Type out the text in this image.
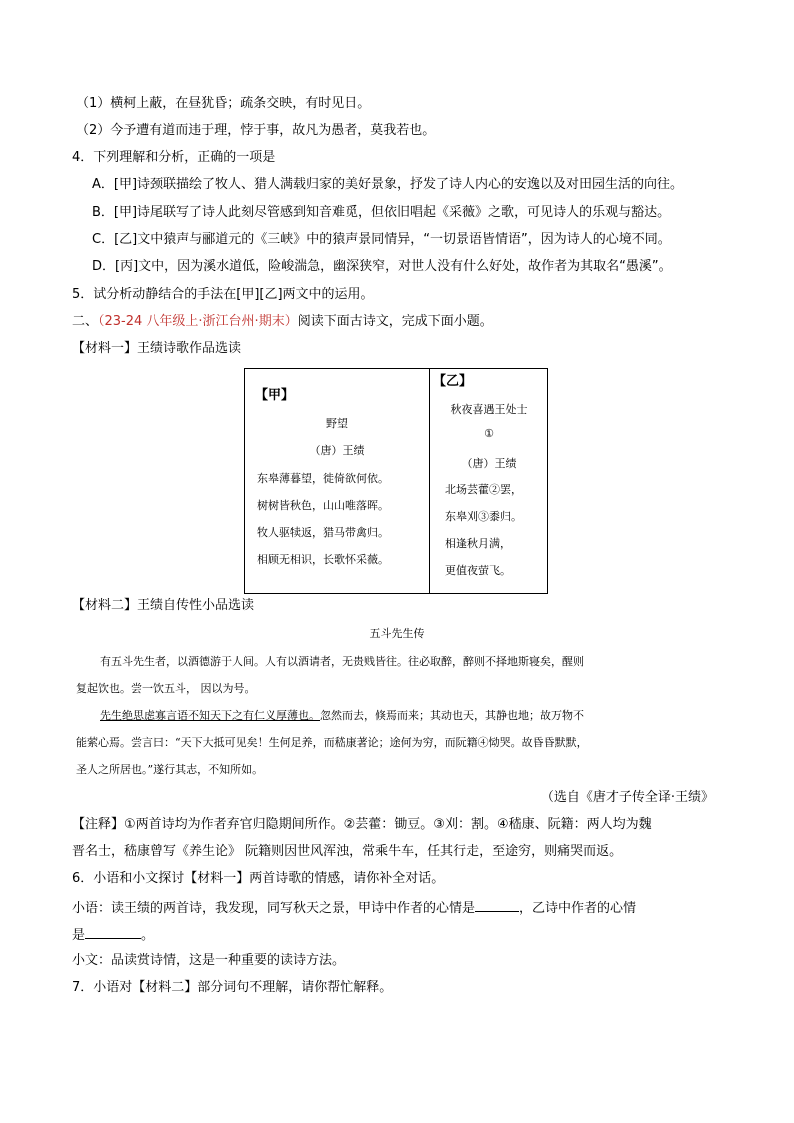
（1）横柯上蔽，在昼犹昏；疏条交映，有时见日。
（2）今予遭有道而违于理，悖于事，故凡为愚者，莫我若也。
4．下列理解和分析，正确的一项是
A．[甲]诗颈联描绘了牧人、猎人满载归家的美好景象，抒发了诗人内心的安逸以及对田园生活的向往。
B．[甲]诗尾联写了诗人此刻尽管感到知音难觅，但依旧唱起《采薇》之歌，可见诗人的乐观与豁达。
C．[乙]文中猿声与郦道元的《三峡》中的猿声景同情异，“一切景语皆情语”，因为诗人的心境不同。
D．[丙]文中，因为溪水道低，险峻湍急，幽深狭窄，对世人没有什么好处，故作者为其取名“愚溪”。
5．试分析动静结合的手法在[甲][乙]两文中的运用。
二、（23-24 八年级上·浙江台州·期末）阅读下面古诗文，完成下面小题。
【材料一】王绩诗歌作品选读
【甲】
野望
（唐）王绩
东皋薄暮望，徙倚欲何依。
树树皆秋色，山山唯落晖。
牧人驱犊返，猎马带禽归。
相顾无相识，长歌怀采薇。
【乙】
秋夜喜遇王处士
①
（唐）王绩
北场芸藿②罢，
东皋刈③黍归。
相逢秋月满，
更值夜萤飞。
【材料二】王绩自传性小品选读
五斗先生传
有五斗先生者，以酒德游于人间。人有以酒请者，无贵贱皆往。往必取醉，醉则不择地斯寝矣，醒则
复起饮也。尝一饮五斗， 因以为号。
先生绝思虑寡言语不知天下之有仁义厚薄也。忽然而去，倏焉而来；其动也天，其静也地；故万物不
能萦心焉。尝言曰：“天下大抵可见矣！生何足养，而嵇康著论；途何为穷，而阮籍④恸哭。故昏昏默默，
圣人之所居也。”遂行其志，不知所如。
（选自《唐才子传全译·王绩》
【注释】①两首诗均为作者弃官归隐期间所作。②芸藿：锄豆。③刈：割。④嵇康、阮籍：两人均为魏
晋名士，嵇康曾写《养生论》 阮籍则因世风浑浊，常乘牛车，任其行走，至途穷，则痛哭而返。
6．小语和小文探讨【材料一】两首诗歌的情感，请你补全对话。
小语：读王绩的两首诗，我发现，同写秋天之景，甲诗中作者的心情是	，乙诗中作者的心情
是	。
小文：品读赏诗情，这是一种重要的读诗方法。
7．小语对【材料二】部分词句不理解，请你帮忙解释。
